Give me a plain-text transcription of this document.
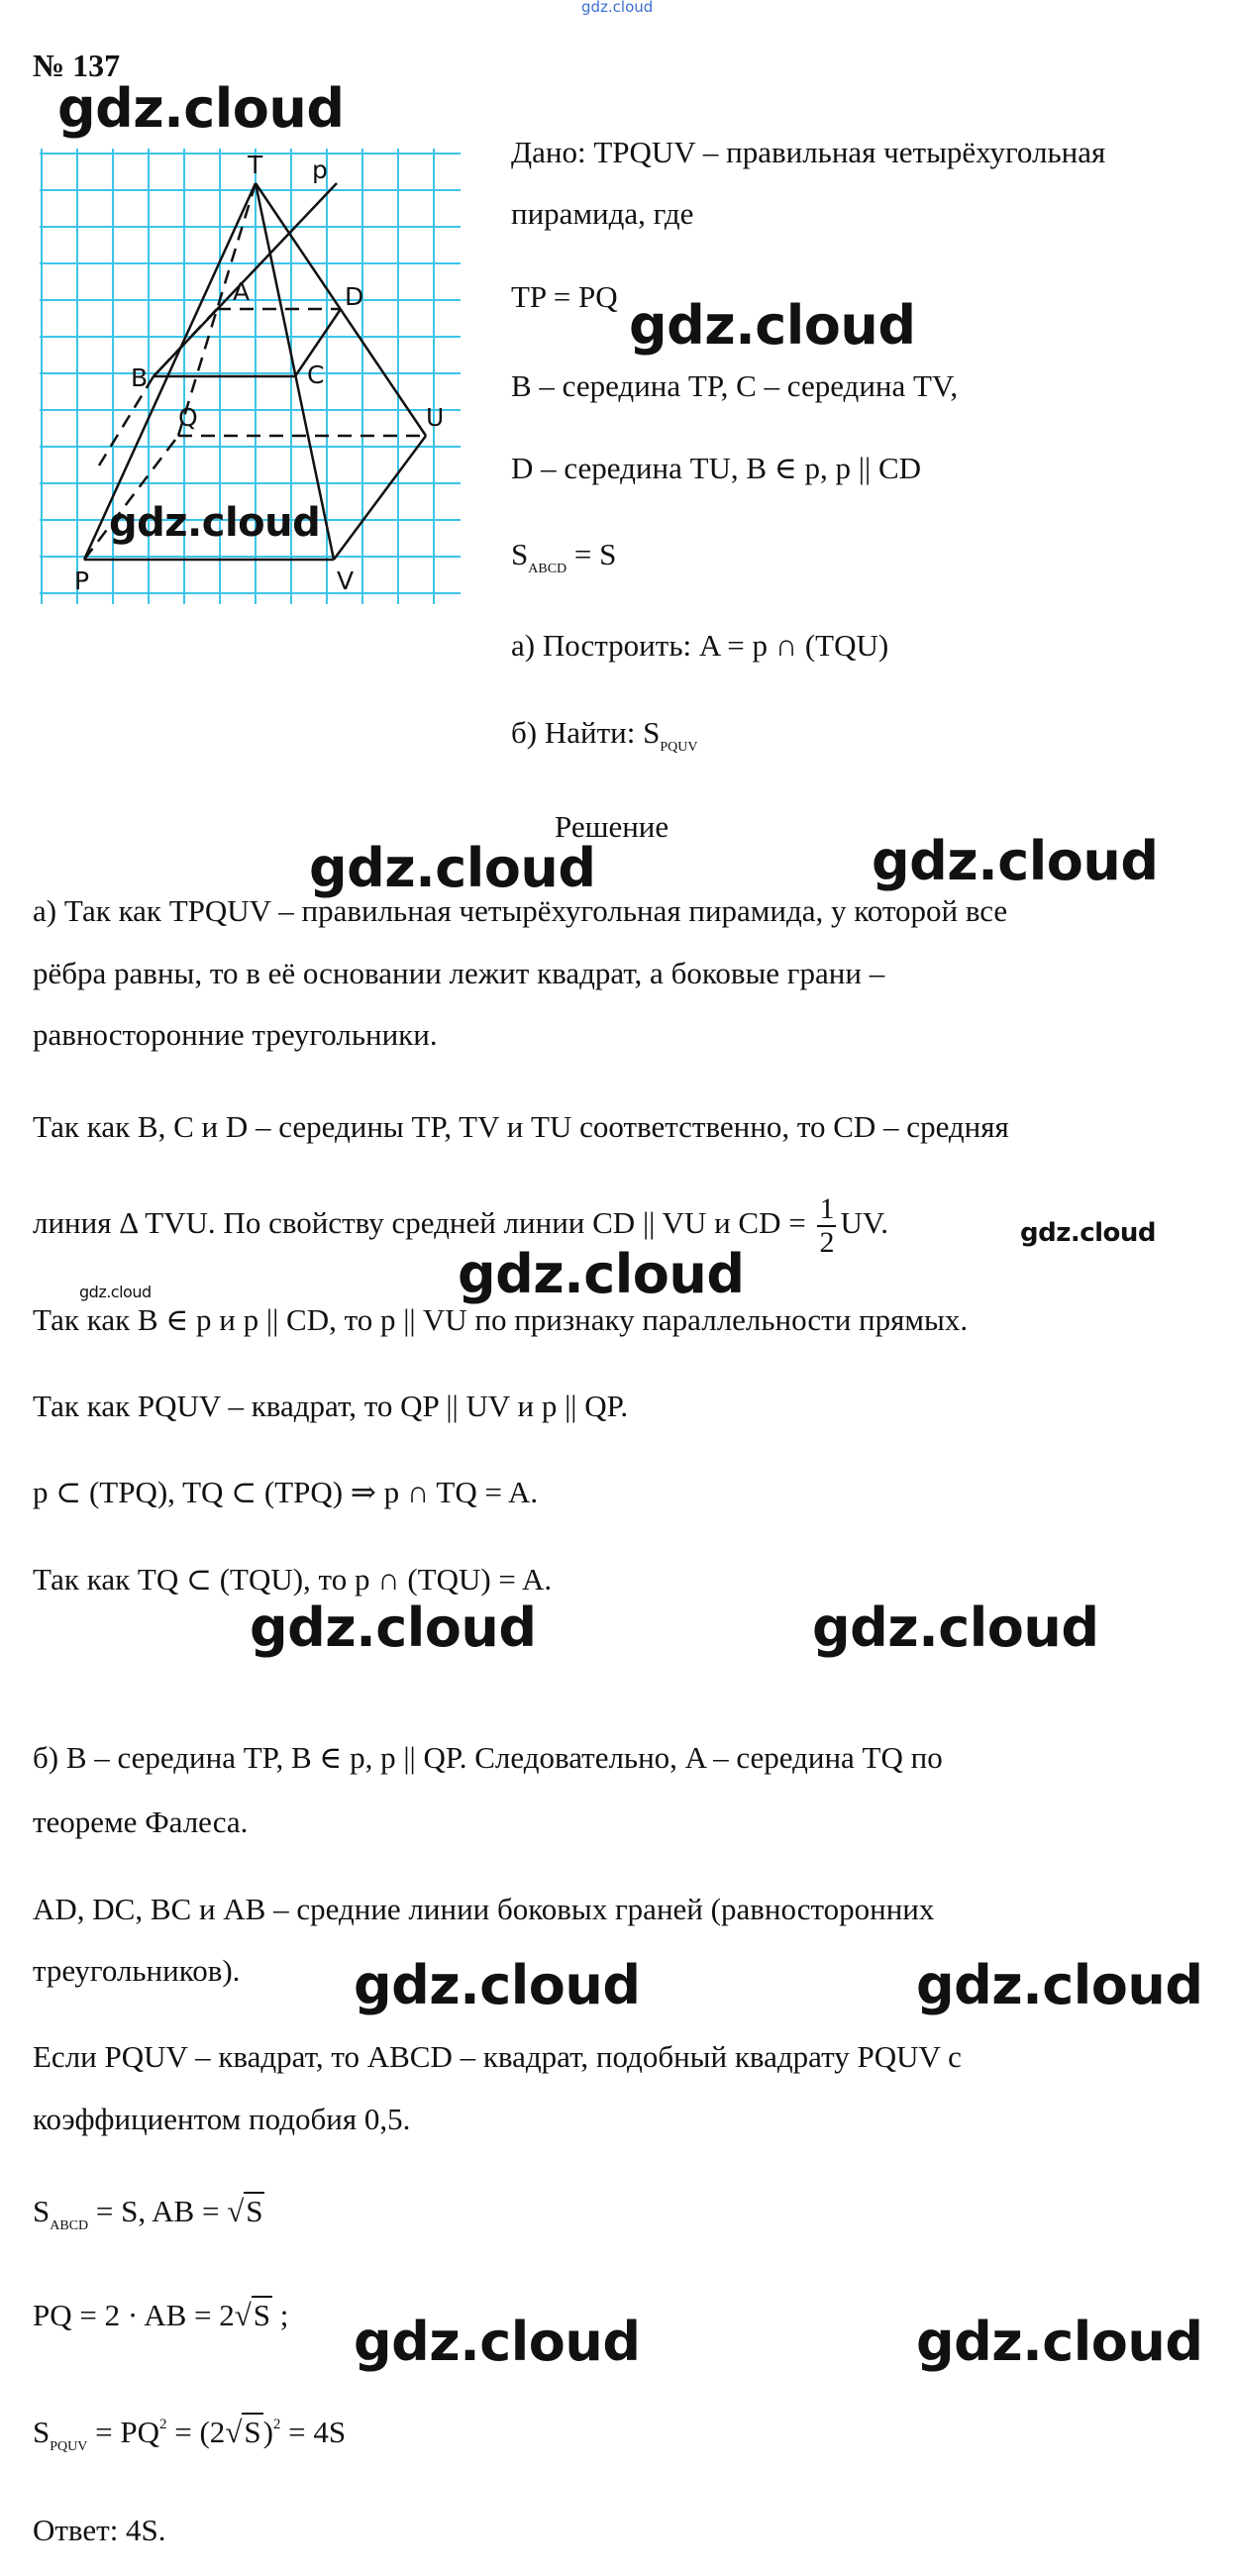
gdz.cloud
№ 137
T p
A	D
B	C
Q	U
P	V
Дано: TPQUV – правильная четырёхугольная
пирамида, где
TP = PQ
B – середина TP, C – середина TV,
D – середина TU, B ∈ p, p || CD
$S_{ABCD} = S$
а) Построить: A = p ∩ (TQU)
б) Найти: $S_{PQUV}$
Решение
а) Так как TPQUV – правильная четырёхугольная пирамида, у которой все
рёбра равны, то в её основании лежит квадрат, а боковые грани –
равносторонние треугольники.
Так как B, C и D – середины TP, TV и TU соответственно, то CD – средняя
линия Δ TVU. По свойству средней линии CD || VU и CD = $\frac{1}{2}$ UV.
Так как B ∈ p и p || CD, то p || VU по признаку параллельности прямых.
Так как PQUV – квадрат, то QP || UV и p || QP.
p ⊂ (TPQ), TQ ⊂ (TPQ) ⇒ p ∩ TQ = A.
Так как TQ ⊂ (TQU), то p ∩ (TQU) = A.
б) B – середина TP, B ∈ p, p || QP. Следовательно, A – середина TQ по
теореме Фалеса.
AD, DC, BC и AB – средние линии боковых граней (равносторонних
треугольников).
Если PQUV – квадрат, то ABCD – квадрат, подобный квадрату PQUV с
коэффициентом подобия 0,5.
$S_{ABCD} = S$, AB = √S
PQ = 2 · AB = 2√S ;
$S_{PQUV} = PQ^2 = (2√S)^2 = 4S$
Ответ: 4S.
gdz.cloud
gdz.cloud
gdz.cloud
gdz.cloud	gdz.cloud
gdz.cloud
gdz.cloud
gdz.cloud
gdz.cloud	gdz.cloud
gdz.cloud	gdz.cloud
gdz.cloud	gdz.cloud
